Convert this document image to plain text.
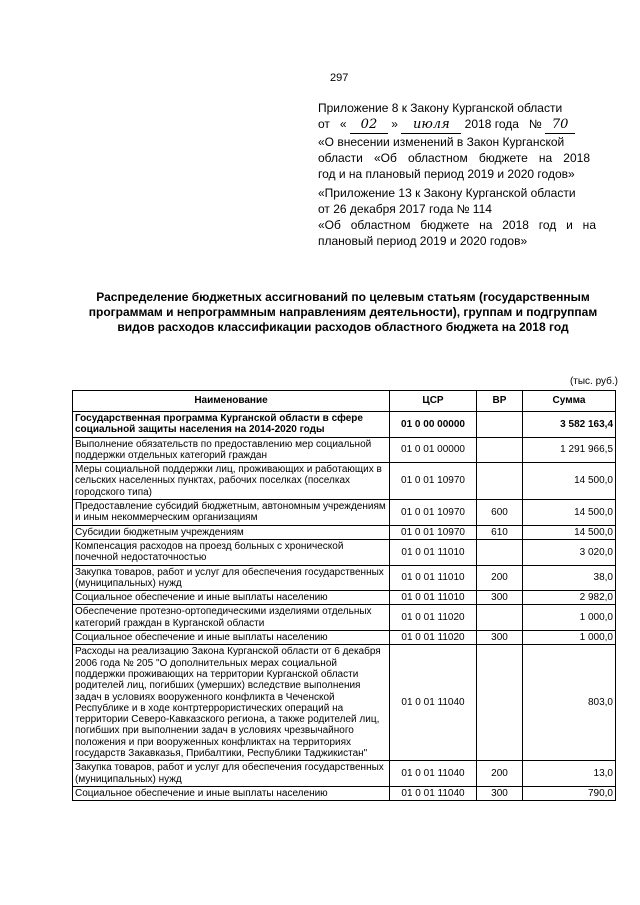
297
Приложение 8 к Закону Курганской области
от « 02 » июля 2018 года № 70
«О внесении изменений в Закон Курганской
области «Об областном бюджете на 2018
год и на плановый период 2019 и 2020 годов»
«Приложение 13 к Закону Курганской области
от 26 декабря 2017 года № 114
«Об областном бюджете на 2018 год и на
плановый период 2019 и 2020 годов»
Распределение бюджетных ассигнований по целевым статьям (государственным программам и непрограммным направлениям деятельности), группам и подгруппам видов расходов классификации расходов областного бюджета на 2018 год
(тыс. руб.)
Наименование	ЦСР	ВР	Сумма
Государственная программа Курганской области в сфере социальной защиты населения на 2014-2020 годы	01 0 00 00000		3 582 163,4
Выполнение обязательств по предоставлению мер социальной поддержки отдельных категорий граждан	01 0 01 00000		1 291 966,5
Меры социальной поддержки лиц, проживающих и работающих в сельских населенных пунктах, рабочих поселках (поселках городского типа)	01 0 01 10970		14 500,0
Предоставление субсидий бюджетным, автономным учреждениям и иным некоммерческим организациям	01 0 01 10970	600	14 500,0
Субсидии бюджетным учреждениям	01 0 01 10970	610	14 500,0
Компенсация расходов на проезд больных с хронической почечной недостаточностью	01 0 01 11010		3 020,0
Закупка товаров, работ и услуг для обеспечения государственных (муниципальных) нужд	01 0 01 11010	200	38,0
Социальное обеспечение и иные выплаты населению	01 0 01 11010	300	2 982,0
Обеспечение протезно-ортопедическими изделиями отдельных категорий граждан в Курганской области	01 0 01 11020		1 000,0
Социальное обеспечение и иные выплаты населению	01 0 01 11020	300	1 000,0
Расходы на реализацию Закона Курганской области от 6 декабря 2006 года № 205 "О дополнительных мерах социальной поддержки проживающих на территории Курганской области родителей лиц, погибших (умерших) вследствие выполнения задач в условиях вооруженного конфликта в Чеченской Республике и в ходе контртеррористических операций на территории Северо-Кавказского региона, а также родителей лиц, погибших при выполнении задач в условиях чрезвычайного положения и при вооруженных конфликтах на территориях государств Закавказья, Прибалтики, Республики Таджикистан"	01 0 01 11040		803,0
Закупка товаров, работ и услуг для обеспечения государственных (муниципальных) нужд	01 0 01 11040	200	13,0
Социальное обеспечение и иные выплаты населению	01 0 01 11040	300	790,0
